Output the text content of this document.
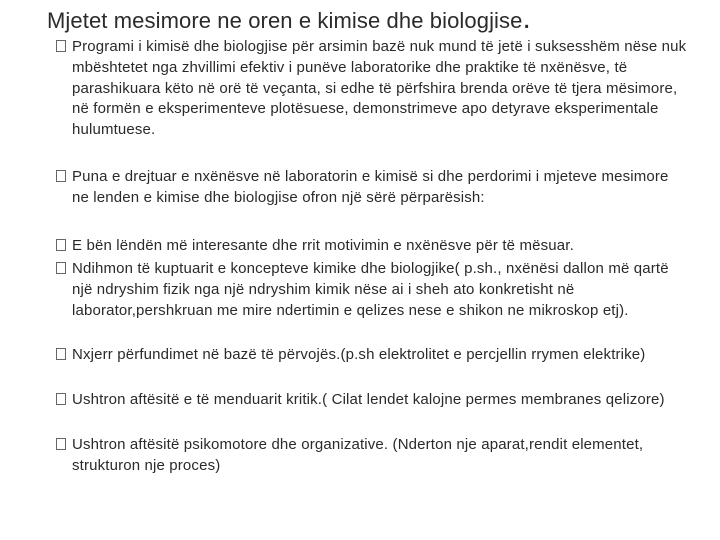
Mjetet mesimore ne oren e kimise dhe biologjise.
Programi i kimisë dhe biologjise për arsimin bazë nuk mund të jetë i suksesshëm nëse nuk mbështetet nga zhvillimi efektiv i punëve laboratorike dhe praktike të nxënësve, të parashikuara këto në orë të veçanta, si edhe të përfshira brenda orëve të tjera mësimore, në formën e eksperimenteve plotësuese, demonstrimeve apo detyrave eksperimentale hulumtuese.
Puna e drejtuar e nxënësve në laboratorin e kimisë si dhe perdorimi i mjeteve mesimore ne lenden e kimise dhe biologjise ofron një sërë përparësish:
E bën lëndën më interesante dhe rrit motivimin e nxënësve për të mësuar.
Ndihmon të kuptuarit e koncepteve kimike dhe biologjike( p.sh., nxënësi dallon më qartë një ndryshim fizik nga një ndryshim kimik nëse ai i sheh ato konkretisht në laborator,pershkruan me mire ndertimin e qelizes nese e shikon ne mikroskop etj).
Nxjerr përfundimet në bazë të përvojës.(p.sh elektrolitet e percjellin rrymen elektrike)
Ushtron aftësitë e të menduarit kritik.( Cilat lendet kalojne permes membranes qelizore)
Ushtron aftësitë psikomotore dhe organizative. (Nderton nje aparat,rendit elementet, strukturon nje proces)
